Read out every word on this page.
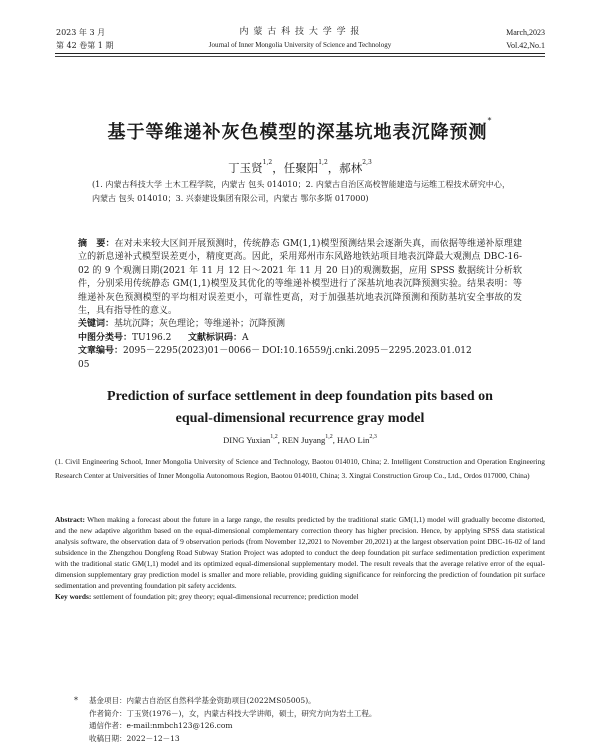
2023 年 3 月
第 42 卷第 1 期
内 蒙 古 科 技 大 学 学 报
Journal of Inner Mongolia University of Science and Technology
March,2023
Vol.42,No.1
基于等维递补灰色模型的深基坑地表沉降预测*
丁玉贤$^{1,2}$，任聚阳$^{1,2}$，郝林$^{2,3}$
(1. 内蒙古科技大学 土木工程学院，内蒙古 包头 014010；2. 内蒙古自治区高校智能建造与运维工程技术研究中心，内蒙古 包头 014010；3. 兴泰建设集团有限公司，内蒙古 鄂尔多斯 017000)

摘　要：在对未来较大区间开展预测时，传统静态 GM(1,1)模型预测结果会逐渐失真，而依据等维递补原理建立的新息递补式模型误差更小，精度更高。因此，采用郑州市东风路地铁站项目地表沉降最大观测点 DBC-16-02 的 9 个观测日期(2021 年 11 月 12 日～2021 年 11 月 20 日)的观测数据，应用 SPSS 数据统计分析软件，分别采用传统静态 GM(1,1)模型及其优化的等维递补模型进行了深基坑地表沉降预测实验。结果表明：等维递补灰色预测模型的平均相对误差更小，可靠性更高，对于加强基坑地表沉降预测和预防基坑安全事故的发生，具有指导性的意义。

关键词：基坑沉降；灰色理论；等维递补；沉降预测

中图分类号：TU196.2	文献标识码：A
文章编号：2095－2295(2023)01－0066－05
DOI:10.16559/j.cnki.2095－2295.2023.01.012
Prediction of surface settlement in deep foundation pits based on
equal-dimensional recurrence gray model
DING Yuxian$^{1,2}$, REN Juyang$^{1,2}$, HAO Lin$^{2,3}$
(1. Civil Engineering School, Inner Mongolia University of Science and Technology, Baotou 014010, China; 2. Intelligent Construction and Operation Engineering Research Center at Universities of Inner Mongolia Autonomous Region, Baotou 014010, China; 3. Xingtai Construction Group Co., Ltd., Ordos 017000, China)

Abstract: When making a forecast about the future in a large range, the results predicted by the traditional static GM(1,1) model will gradually become distorted, and the new adaptive algorithm based on the equal-dimensional complementary correction theory has higher precision. Hence, by applying SPSS data statistical analysis software, the observation data of 9 observation periods (from November 12,2021 to November 20,2021) at the largest observation point DBC-16-02 of land subsidence in the Zhengzhou Dongfeng Road Subway Station Project was adopted to conduct the deep foundation pit surface sedimentation prediction experiment with the traditional static GM(1,1) model and its optimized equal-dimensional supplementary model. The result reveals that the average relative error of the equal-dimension supplementary gray prediction model is smaller and more reliable, providing guiding significance for reinforcing the prediction of foundation pit surface sedimentation and preventing foundation pit safety accidents.

Key words: settlement of foundation pit; grey theory; equal-dimensional recurrence; prediction model

* 基金项目：内蒙古自治区自然科学基金资助项目(2022MS05005)。
作者简介：丁玉贤(1976－)，女，内蒙古科技大学讲师，硕士，研究方向为岩土工程。
通信作者：e-mail:nmbch123@126.com
收稿日期：2022－12－13
